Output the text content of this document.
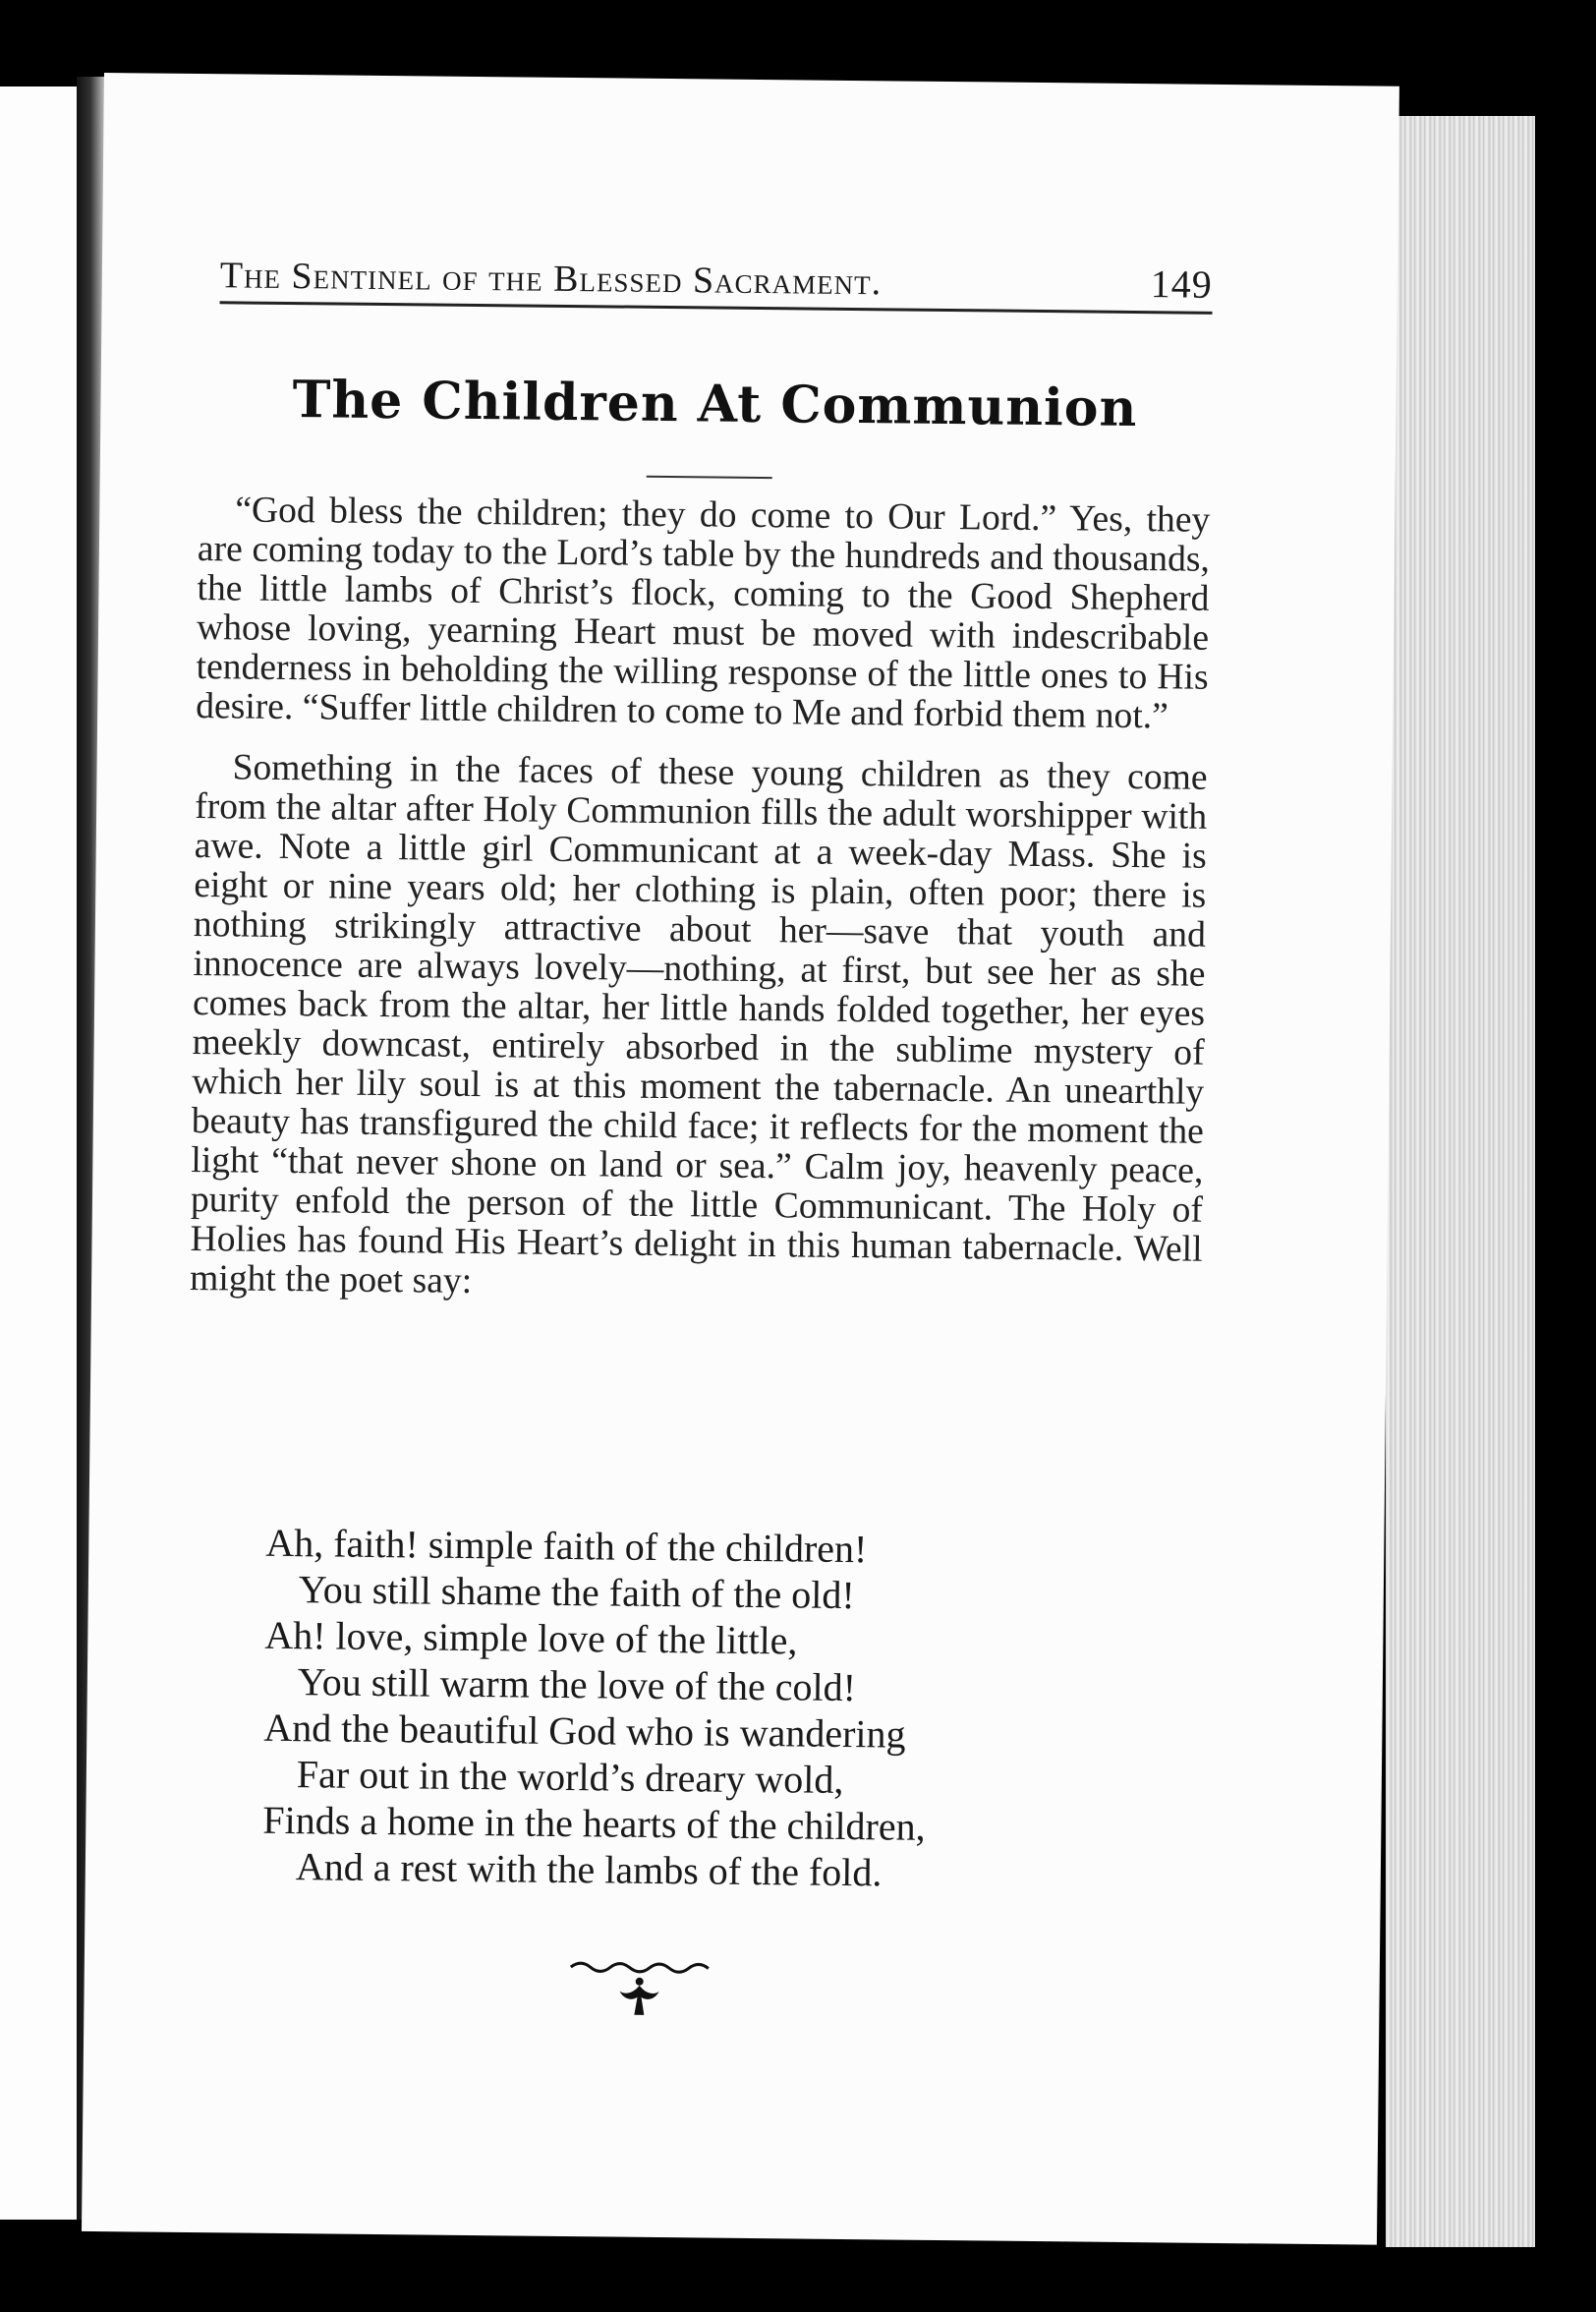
The Sentinel of the Blessed Sacrament.	149
The Children At Communion

“God bless the children; they do come to Our Lord.” Yes, they are coming today to the Lord’s table by the hundreds and thousands, the little lambs of Christ’s flock, coming to the Good Shepherd whose loving, yearning Heart must be moved with indescribable tenderness in beholding the willing response of the little ones to His desire. “Suffer little children to come to Me and forbid them not.”

Something in the faces of these young children as they come from the altar after Holy Communion fills the adult worshipper with awe. Note a little girl Communicant at a week-day Mass. She is eight or nine years old; her clothing is plain, often poor; there is nothing strikingly attractive about her—save that youth and innocence are always lovely—nothing, at first, but see her as she comes back from the altar, her little hands folded together, her eyes meekly downcast, entirely absorbed in the sublime mystery of which her lily soul is at this moment the tabernacle. An unearthly beauty has transfigured the child face; it reflects for the moment the light “that never shone on land or sea.” Calm joy, heavenly peace, purity enfold the person of the little Communicant. The Holy of Holies has found His Heart’s delight in this human tabernacle. Well might the poet say:

Ah, faith! simple faith of the children!
You still shame the faith of the old!
Ah! love, simple love of the little,
You still warm the love of the cold!
And the beautiful God who is wandering
Far out in the world’s dreary wold,
Finds a home in the hearts of the children,
And a rest with the lambs of the fold.
